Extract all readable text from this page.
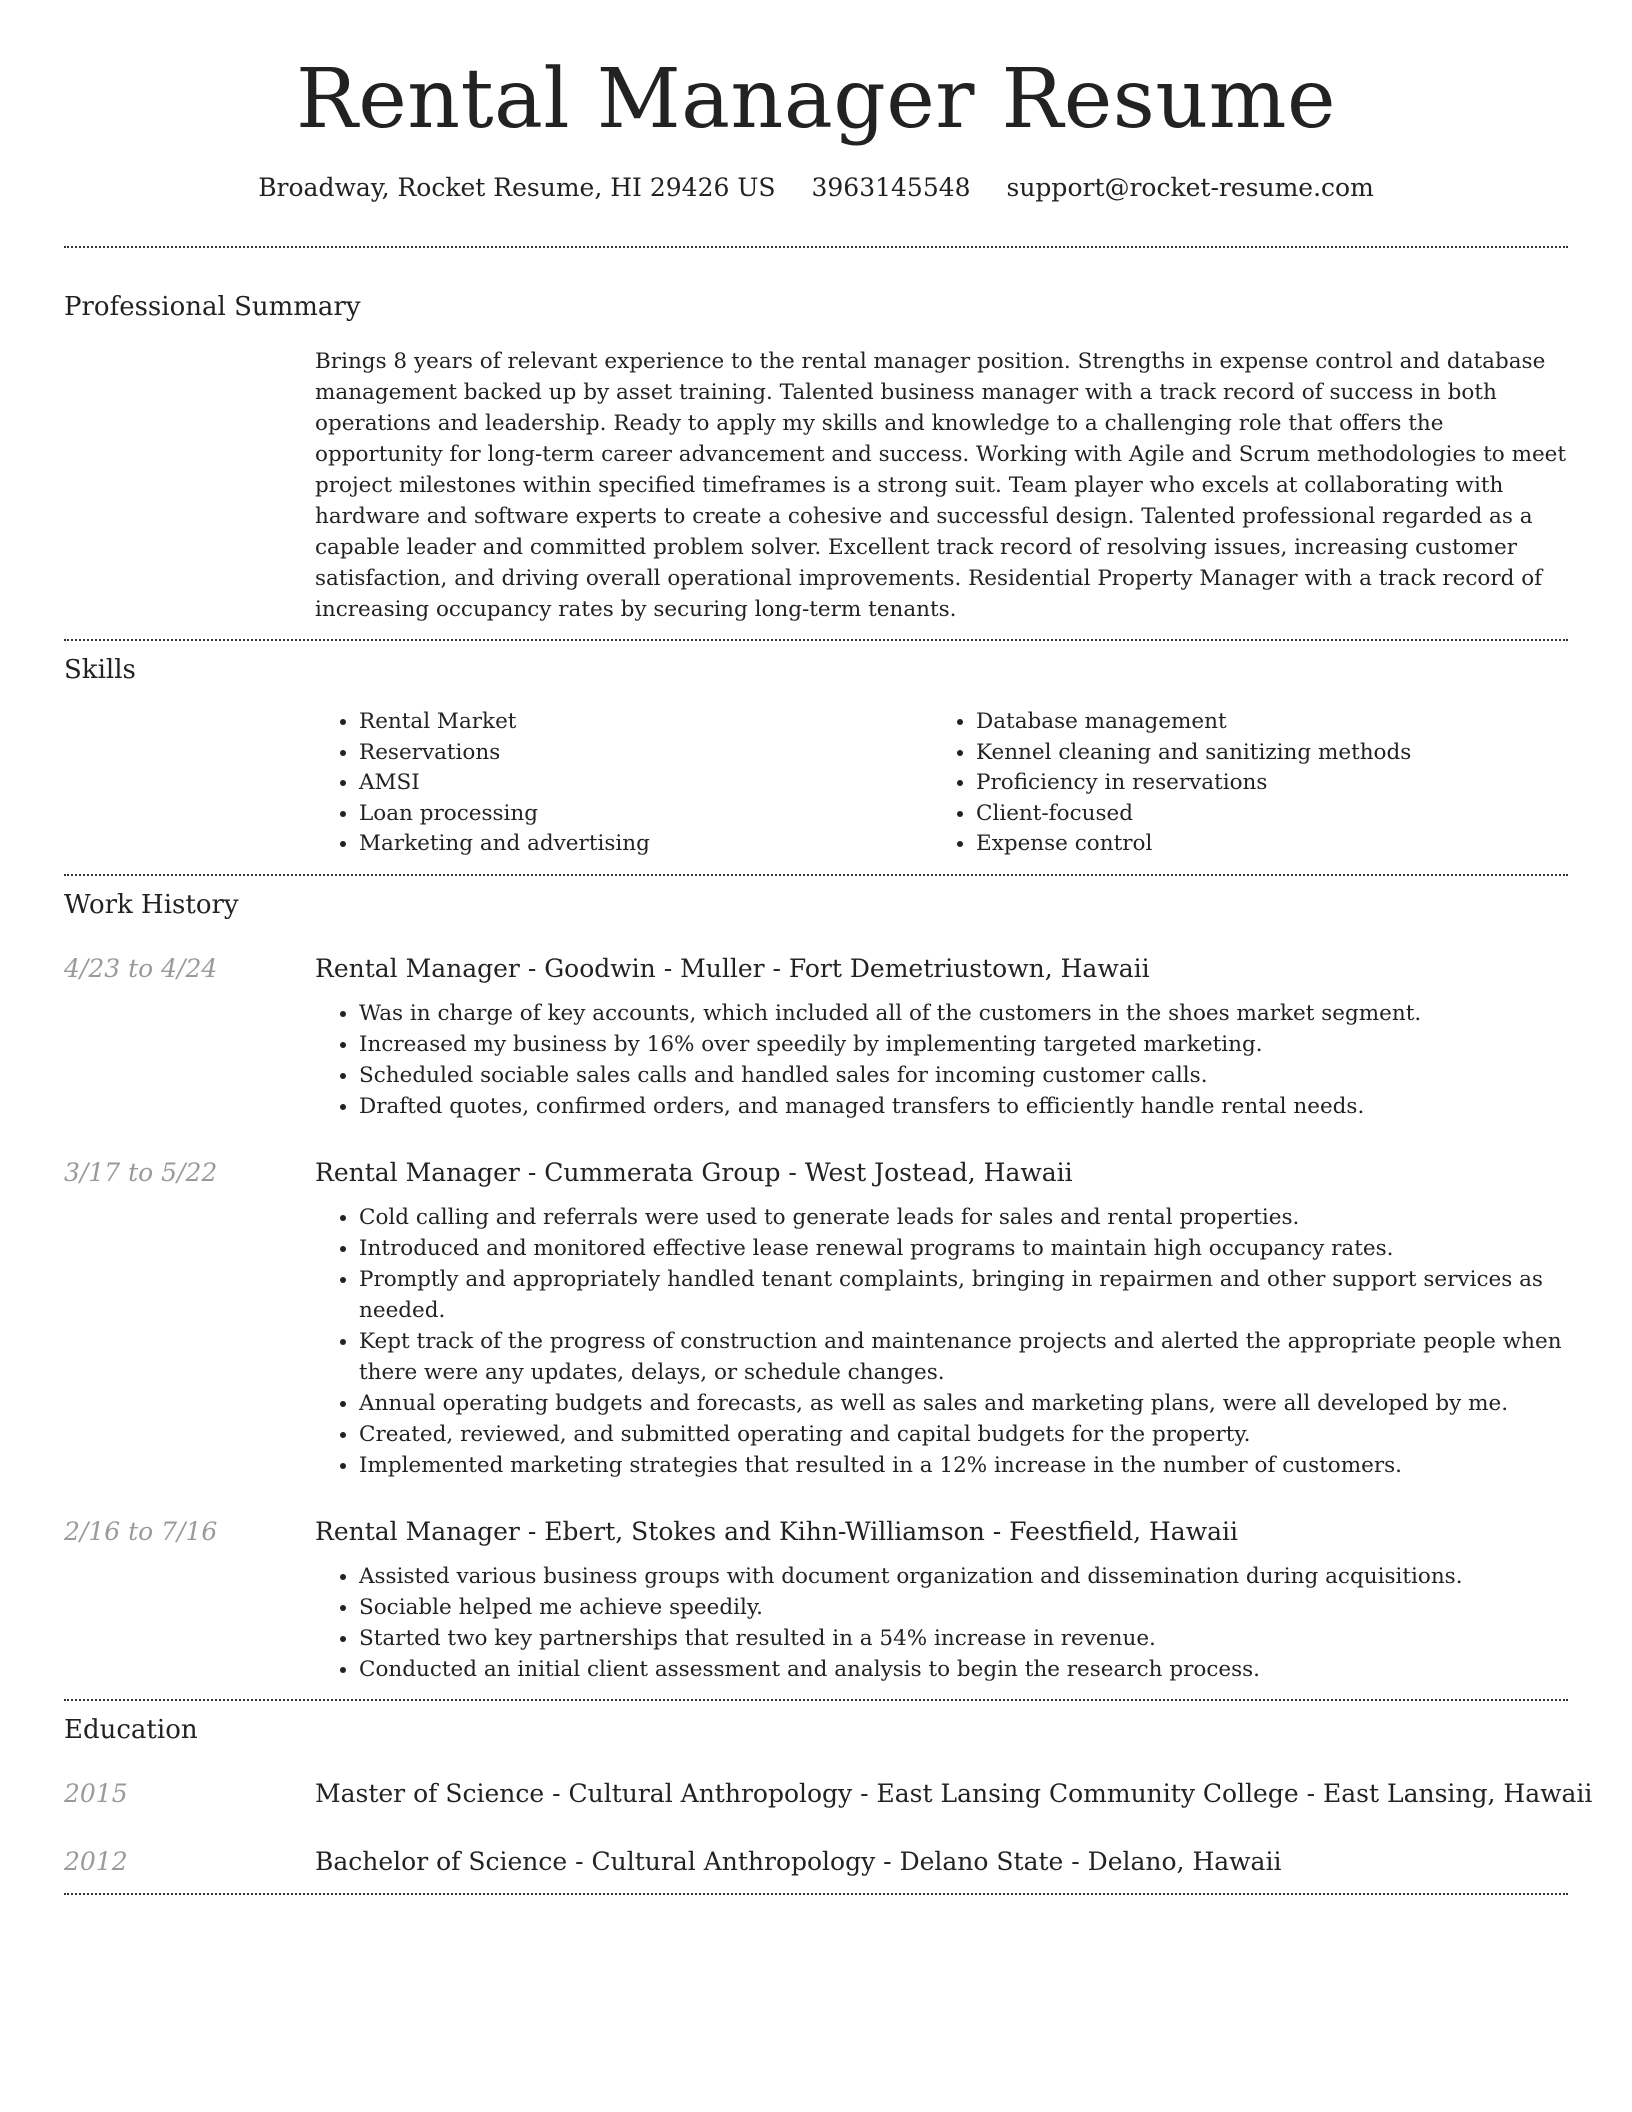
Rental Manager Resume
Broadway, Rocket Resume, HI 29426 US 3963145548 support@rocket-resume.com
Professional Summary
Brings 8 years of relevant experience to the rental manager position. Strengths in expense control and database management backed up by asset training. Talented business manager with a track record of success in both operations and leadership. Ready to apply my skills and knowledge to a challenging role that offers the opportunity for long-term career advancement and success. Working with Agile and Scrum methodologies to meet project milestones within specified timeframes is a strong suit. Team player who excels at collaborating with hardware and software experts to create a cohesive and successful design. Talented professional regarded as a capable leader and committed problem solver. Excellent track record of resolving issues, increasing customer satisfaction, and driving overall operational improvements. Residential Property Manager with a track record of increasing occupancy rates by securing long-term tenants.
Skills
• Rental Market
• Reservations
• AMSI
• Loan processing
• Marketing and advertising
• Database management
• Kennel cleaning and sanitizing methods
• Proficiency in reservations
• Client-focused
• Expense control
Work History
4/23 to 4/24	Rental Manager - Goodwin - Muller - Fort Demetriustown, Hawaii
• Was in charge of key accounts, which included all of the customers in the shoes market segment.
• Increased my business by 16% over speedily by implementing targeted marketing.
• Scheduled sociable sales calls and handled sales for incoming customer calls.
• Drafted quotes, confirmed orders, and managed transfers to efficiently handle rental needs.
3/17 to 5/22	Rental Manager - Cummerata Group - West Jostead, Hawaii
• Cold calling and referrals were used to generate leads for sales and rental properties.
• Introduced and monitored effective lease renewal programs to maintain high occupancy rates.
• Promptly and appropriately handled tenant complaints, bringing in repairmen and other support services as needed.
• Kept track of the progress of construction and maintenance projects and alerted the appropriate people when there were any updates, delays, or schedule changes.
• Annual operating budgets and forecasts, as well as sales and marketing plans, were all developed by me.
• Created, reviewed, and submitted operating and capital budgets for the property.
• Implemented marketing strategies that resulted in a 12% increase in the number of customers.
2/16 to 7/16	Rental Manager - Ebert, Stokes and Kihn-Williamson - Feestfield, Hawaii
• Assisted various business groups with document organization and dissemination during acquisitions.
• Sociable helped me achieve speedily.
• Started two key partnerships that resulted in a 54% increase in revenue.
• Conducted an initial client assessment and analysis to begin the research process.
Education
2015	Master of Science - Cultural Anthropology - East Lansing Community College - East Lansing, Hawaii
2012	Bachelor of Science - Cultural Anthropology - Delano State - Delano, Hawaii
